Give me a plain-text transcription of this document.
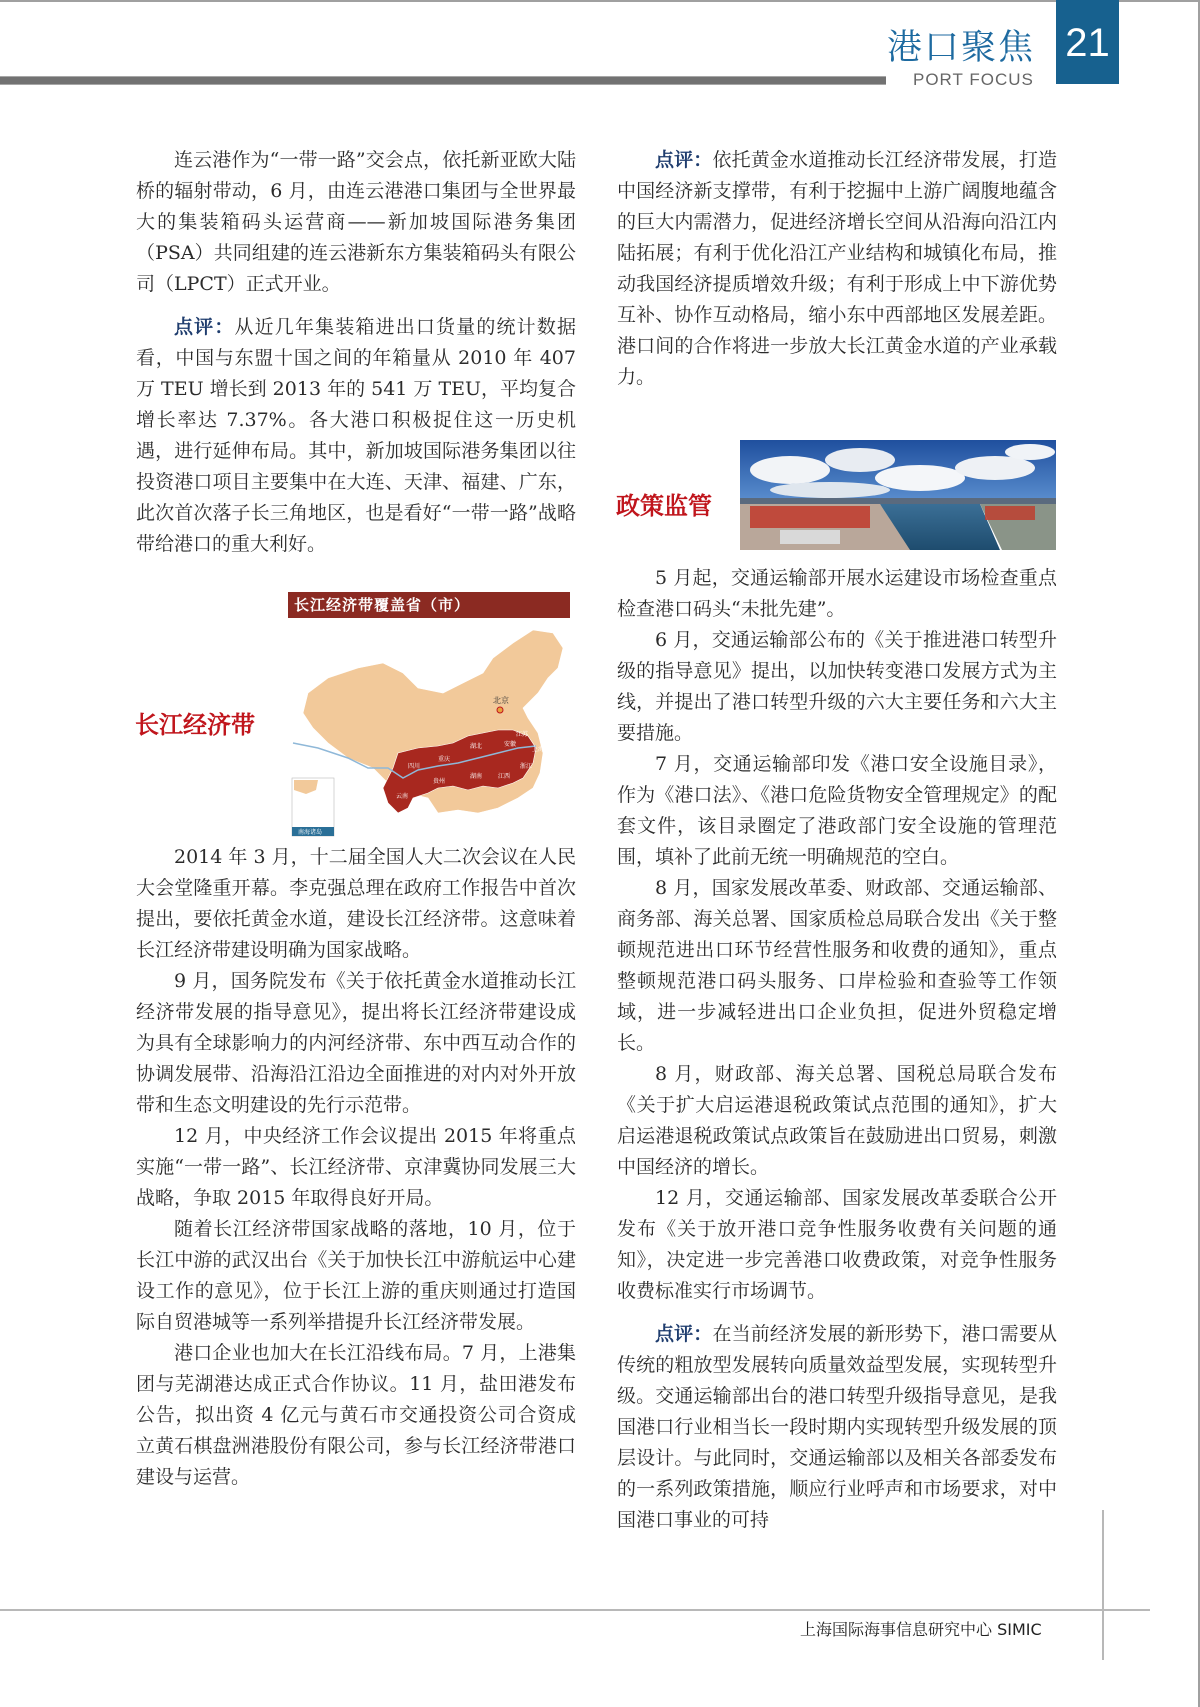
港口聚焦
PORT FOCUS
21

连云港作为“一带一路”交会点，依托新亚欧大陆桥的辐射带动，6 月，由连云港港口集团与全世界最大的集装箱码头运营商——新加坡国际港务集团（PSA）共同组建的连云港新东方集装箱码头有限公司（LPCT）正式开业。

点评：从近几年集装箱进出口货量的统计数据看，中国与东盟十国之间的年箱量从 2010 年 407 万 TEU 增长到 2013 年的 541 万 TEU，平均复合增长率达 7.37%。各大港口积极捉住这一历史机遇，进行延伸布局。其中，新加坡国际港务集团以往投资港口项目主要集中在大连、天津、福建、广东，此次首次落子长三角地区，也是看好“一带一路”战略带给港口的重大利好。

长江经济带
长江经济带覆盖省（市）
北京
四川
云南
重庆
贵州
湖北
湖南	江西
安徽
江苏
浙江
上海
南海诸岛

2014 年 3 月，十二届全国人大二次会议在人民大会堂隆重开幕。李克强总理在政府工作报告中首次提出，要依托黄金水道，建设长江经济带。这意味着长江经济带建设明确为国家战略。

9 月，国务院发布《关于依托黄金水道推动长江经济带发展的指导意见》，提出将长江经济带建设成为具有全球影响力的内河经济带、东中西互动合作的协调发展带、沿海沿江沿边全面推进的对内对外开放带和生态文明建设的先行示范带。

12 月，中央经济工作会议提出 2015 年将重点实施“一带一路”、长江经济带、京津冀协同发展三大战略，争取 2015 年取得良好开局。

随着长江经济带国家战略的落地，10 月，位于长江中游的武汉出台《关于加快长江中游航运中心建设工作的意见》，位于长江上游的重庆则通过打造国际自贸港城等一系列举措提升长江经济带发展。

港口企业也加大在长江沿线布局。7 月，上港集团与芜湖港达成正式合作协议。11 月，盐田港发布公告，拟出资 4 亿元与黄石市交通投资公司合资成立黄石棋盘洲港股份有限公司，参与长江经济带港口建设与运营。

点评：依托黄金水道推动长江经济带发展，打造中国经济新支撑带，有利于挖掘中上游广阔腹地蕴含的巨大内需潜力，促进经济增长空间从沿海向沿江内陆拓展；有利于优化沿江产业结构和城镇化布局，推动我国经济提质增效升级；有利于形成上中下游优势互补、协作互动格局，缩小东中西部地区发展差距。港口间的合作将进一步放大长江黄金水道的产业承载力。

政策监管

5 月起，交通运输部开展水运建设市场检查重点检查港口码头“未批先建”。

6 月，交通运输部公布的《关于推进港口转型升级的指导意见》提出，以加快转变港口发展方式为主线，并提出了港口转型升级的六大主要任务和六大主要措施。

7 月，交通运输部印发《港口安全设施目录》，作为《港口法》、《港口危险货物安全管理规定》的配套文件，该目录圈定了港政部门安全设施的管理范围，填补了此前无统一明确规范的空白。

8 月，国家发展改革委、财政部、交通运输部、商务部、海关总署、国家质检总局联合发出《关于整顿规范进出口环节经营性服务和收费的通知》，重点整顿规范港口码头服务、口岸检验和查验等工作领域，进一步减轻进出口企业负担，促进外贸稳定增长。

8 月，财政部、海关总署、国税总局联合发布《关于扩大启运港退税政策试点范围的通知》，扩大启运港退税政策试点政策旨在鼓励进出口贸易，刺激中国经济的增长。

12 月，交通运输部、国家发展改革委联合公开发布《关于放开港口竞争性服务收费有关问题的通知》，决定进一步完善港口收费政策，对竞争性服务收费标准实行市场调节。

点评：在当前经济发展的新形势下，港口需要从传统的粗放型发展转向质量效益型发展，实现转型升级。交通运输部出台的港口转型升级指导意见，是我国港口行业相当长一段时期内实现转型升级发展的顶层设计。与此同时，交通运输部以及相关各部委发布的一系列政策措施，顺应行业呼声和市场要求，对中国港口事业的可持

上海国际海事信息研究中心 SIMIC
